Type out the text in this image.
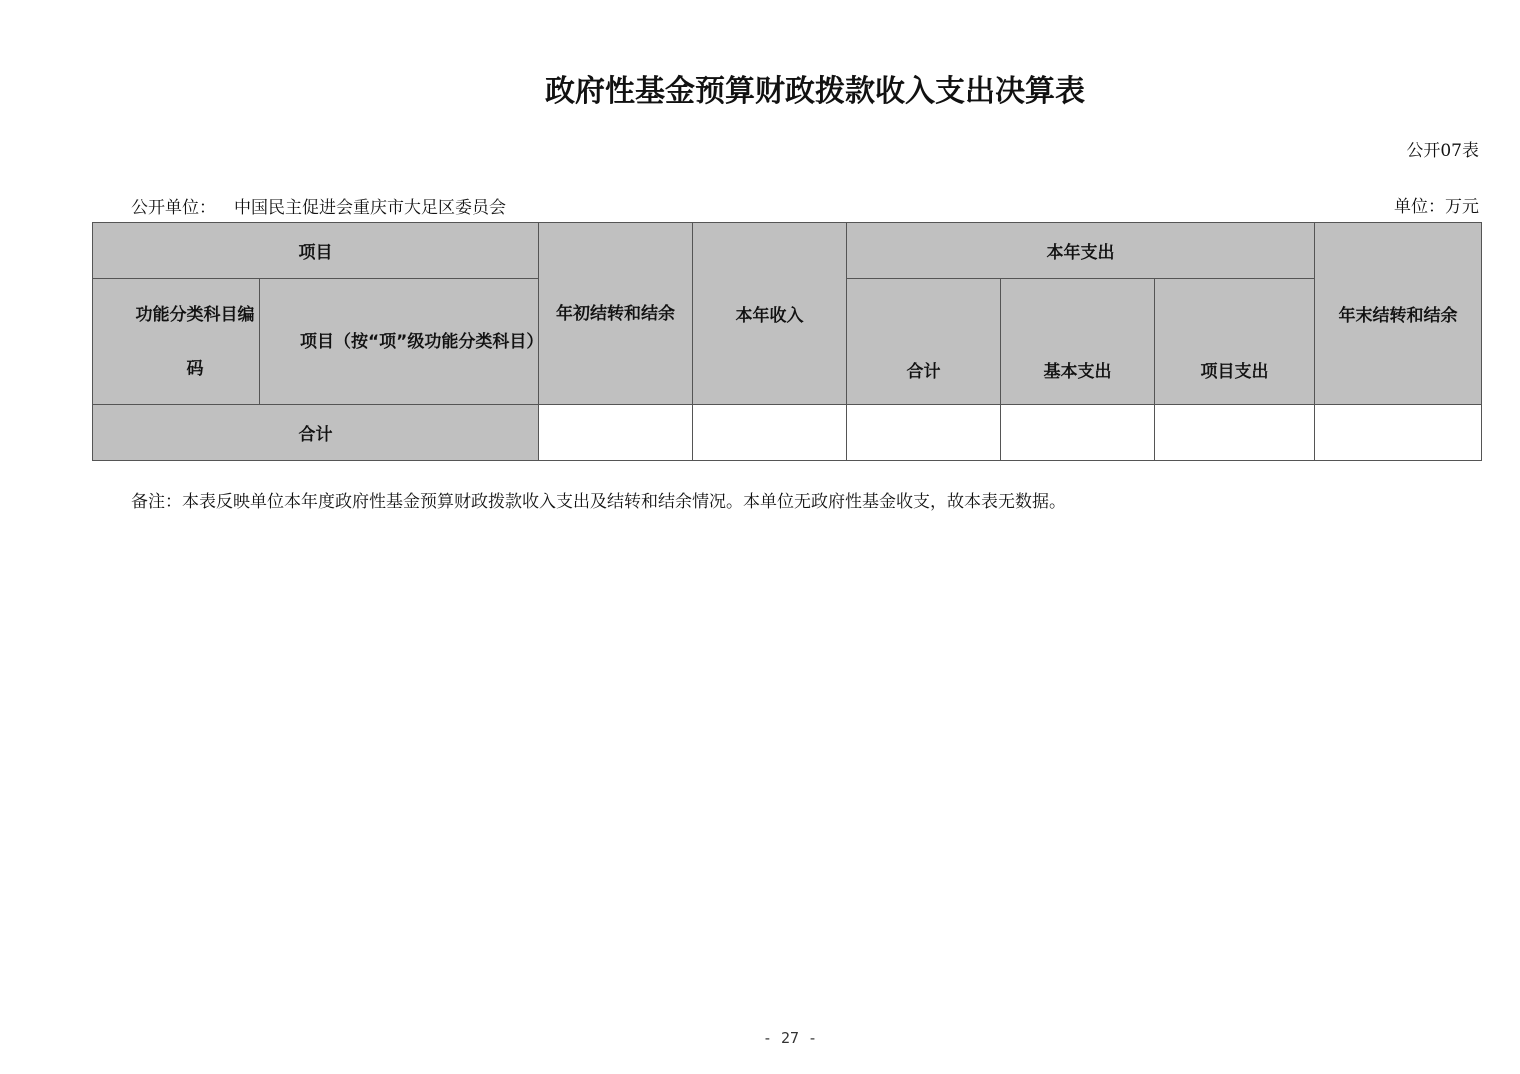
政府性基金预算财政拨款收入支出决算表
公开07表
公开单位： 中国民主促进会重庆市大足区委员会	单位：万元
项目		年初结转和结余	本年收入	本年支出			年末结转和结余

功能分类科目编码	项目（按“项”级功能分类科目）			合计	基本支出	项目支出	
合计							
备注：本表反映单位本年度政府性基金预算财政拨款收入支出及结转和结余情况。本单位无政府性基金收支，故本表无数据。
- 27 -
